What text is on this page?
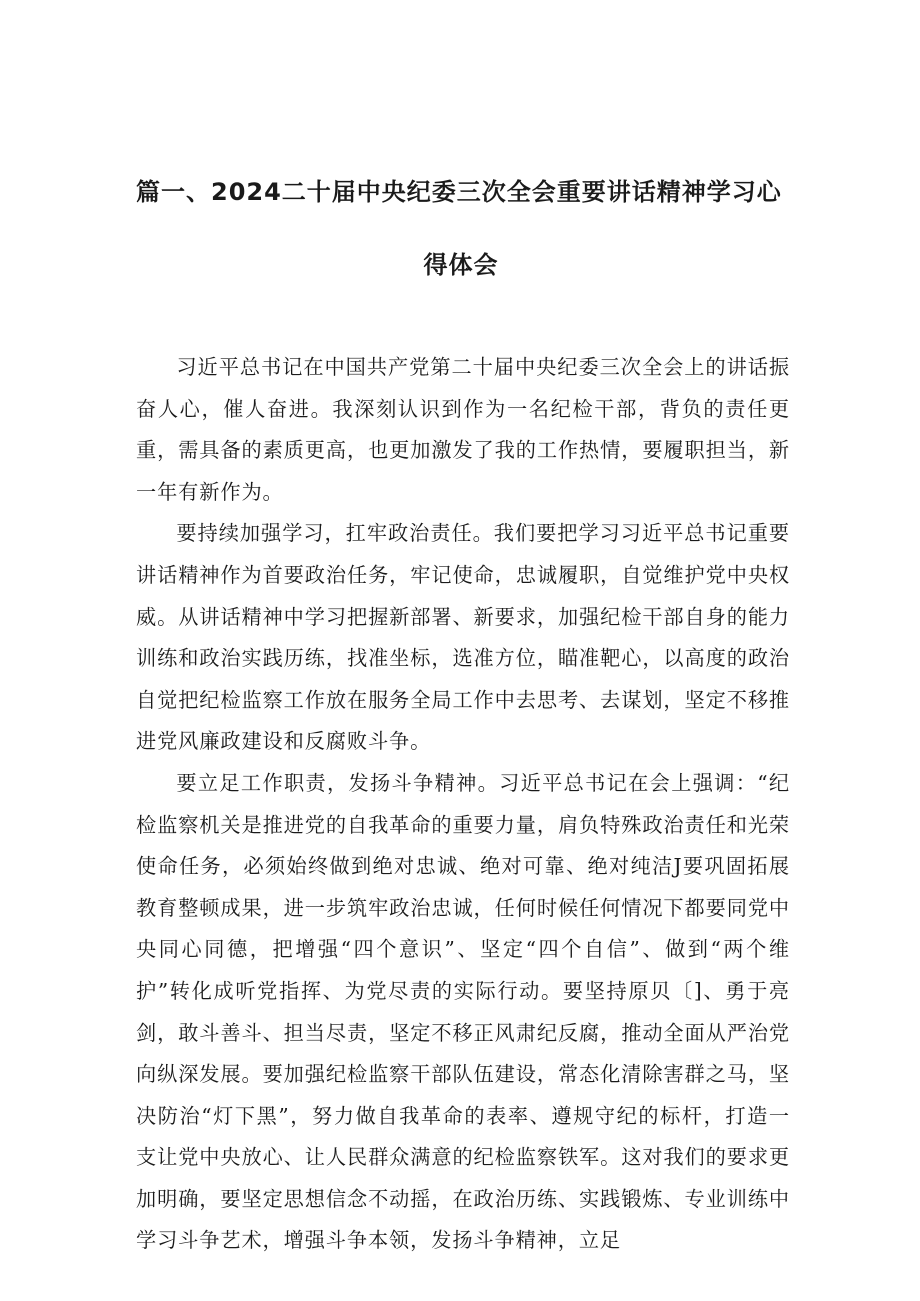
篇一、2024二十届中央纪委三次全会重要讲话精神学习心
得体会

习近平总书记在中国共产党第二十届中央纪委三次全会上的讲话振奋人心，催人奋进。我深刻认识到作为一名纪检干部，背负的责任更重，需具备的素质更高，也更加激发了我的工作热情，要履职担当，新一年有新作为。

要持续加强学习，扛牢政治责任。我们要把学习习近平总书记重要讲话精神作为首要政治任务，牢记使命，忠诚履职，自觉维护党中央权威。从讲话精神中学习把握新部署、新要求，加强纪检干部自身的能力训练和政治实践历练，找准坐标，选准方位，瞄准靶心，以高度的政治自觉把纪检监察工作放在服务全局工作中去思考、去谋划，坚定不移推进党风廉政建设和反腐败斗争。

要立足工作职责，发扬斗争精神。习近平总书记在会上强调：“纪检监察机关是推进党的自我革命的重要力量，肩负特殊政治责任和光荣使命任务，必须始终做到绝对忠诚、绝对可靠、绝对纯洁J要巩固拓展教育整顿成果，进一步筑牢政治忠诚，任何时候任何情况下都要同党中央同心同德，把增强“四个意识”、坚定“四个自信”、做到“两个维护”转化成听党指挥、为党尽责的实际行动。要坚持原贝〔]、勇于亮剑，敢斗善斗、担当尽责，坚定不移正风肃纪反腐，推动全面从严治党向纵深发展。要加强纪检监察干部队伍建设，常态化清除害群之马，坚决防治“灯下黑”，努力做自我革命的表率、遵规守纪的标杆，打造一支让党中央放心、让人民群众满意的纪检监察铁军。这对我们的要求更加明确，要坚定思想信念不动摇，在政治历练、实践锻炼、专业训练中学习斗争艺术，增强斗争本领，发扬斗争精神，立足
